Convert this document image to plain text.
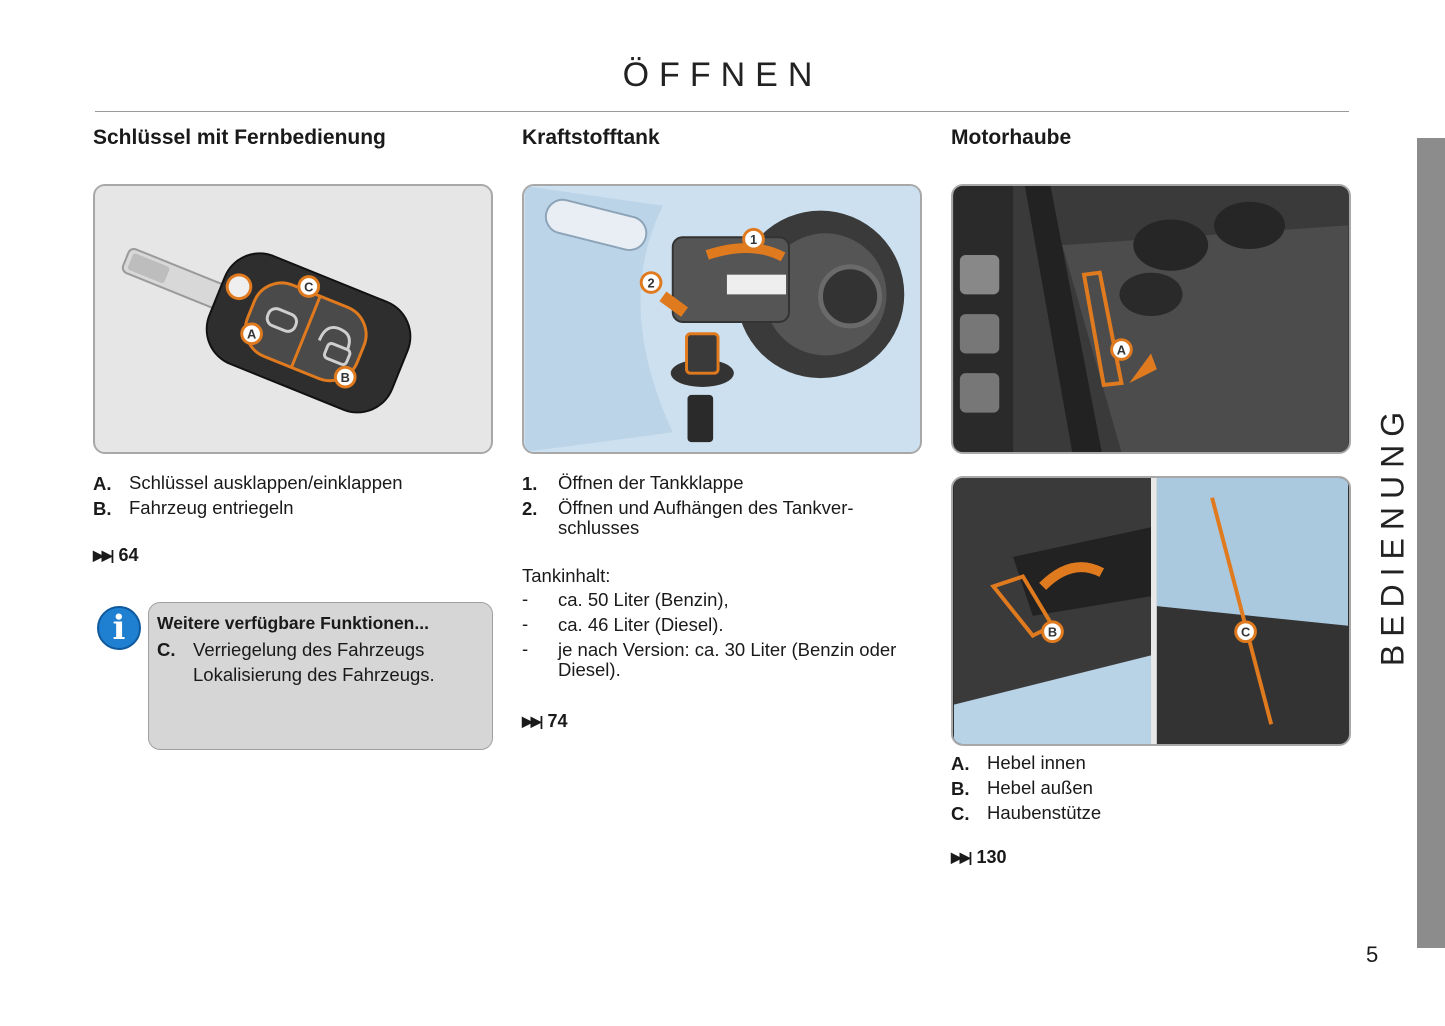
ÖFFNEN
BEDIENUNG
Schlüssel mit Fernbedienung
C
A
B
A. Schlüssel ausklappen/einklappen
B. Fahrzeug entriegeln
▶▶| 64
i	Weitere verfügbare Funktionen...
C. Verriegelung des Fahrzeugs
Lokalisierung des Fahrzeugs.
Kraftstofftank
1
2
1.	Öffnen der Tankklappe
2.	Öffnen und Aufhängen des Tankver-schlusses
Tankinhalt:
-	ca. 50 Liter (Benzin),
-	ca. 46 Liter (Diesel).
-	je nach Version: ca. 30 Liter (Benzin oder Diesel).
▶▶| 74
Motorhaube
A
B	C
A. Hebel innen
B. Hebel außen
C. Haubenstütze
▶▶| 130
5
